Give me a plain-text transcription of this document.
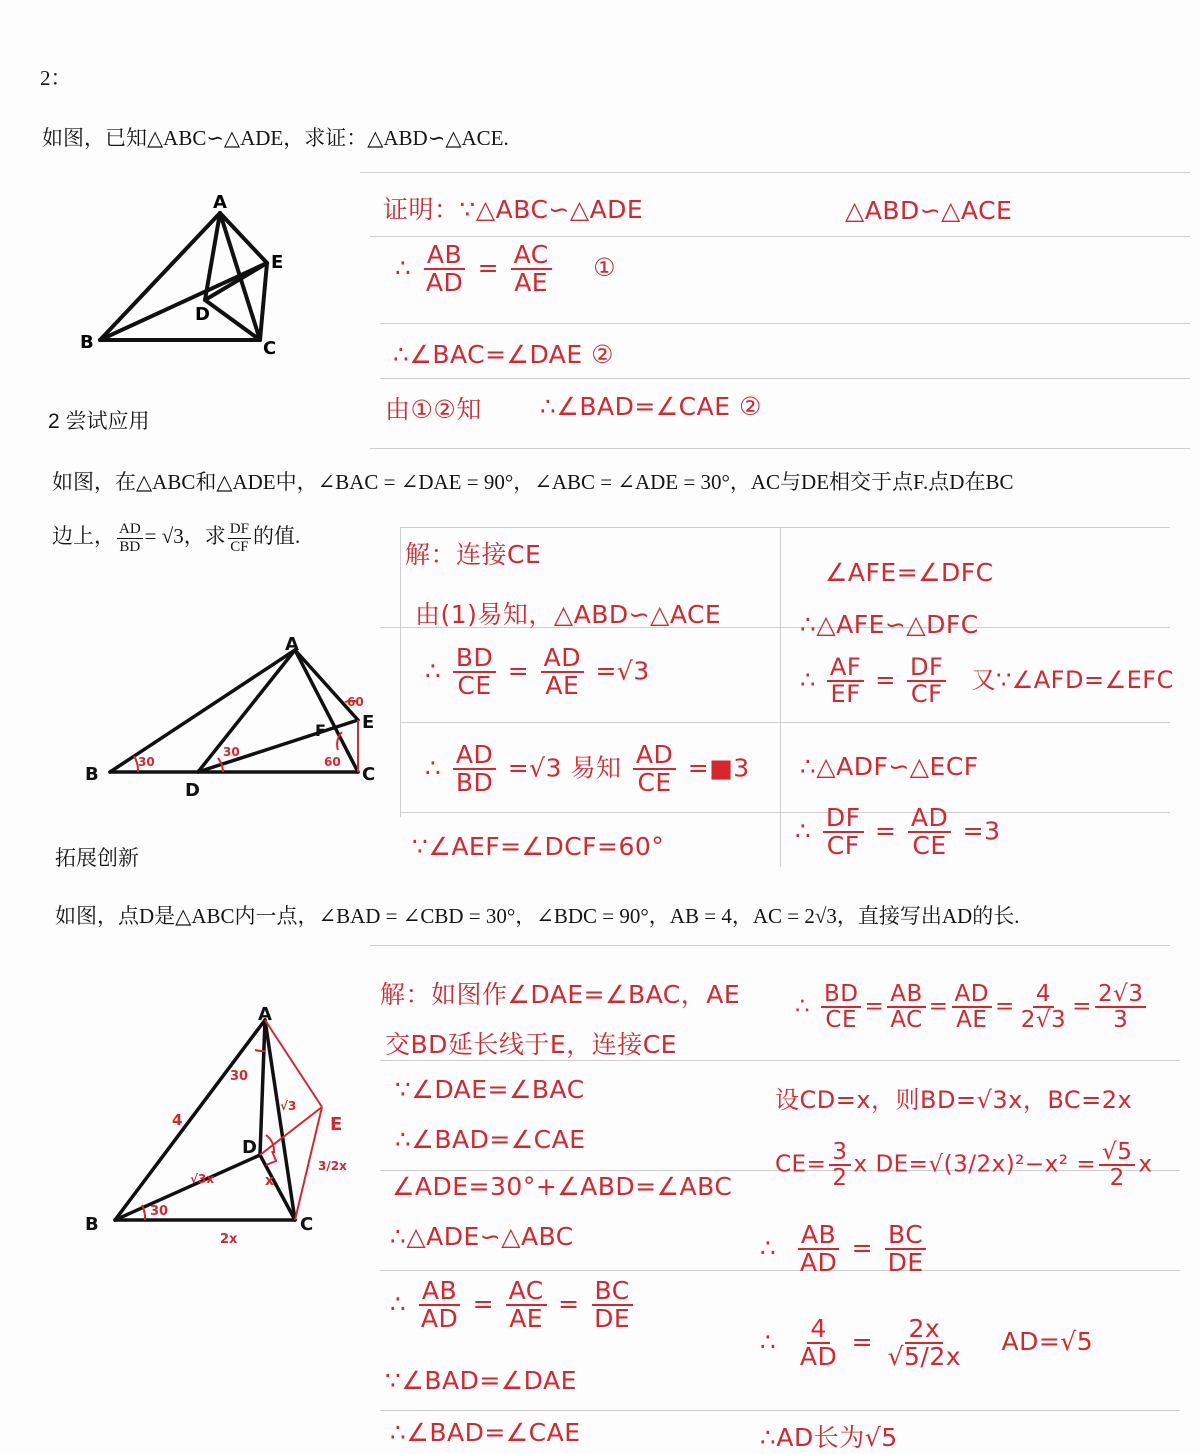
2：
如图，已知△ABC∽△ADE，求证：△ABD∽△ACE.
A
B	C
D
E
证明：∵△ABC∽△ADE	△ABD∽△ACE
∴ $\frac{AB}{AD} = \frac{AC}{AE}$ ①
∴∠BAC=∠DAE ②
由①②知 ∴∠BAD=∠CAE ②
2 尝试应用
如图，在△ABC和△ADE中，∠BAC = ∠DAE = 90°，∠ABC = ∠ADE = 30°，AC与DE相交于点F.点D在BC
边上， $\frac{AD}{BD} = √3$，求 $\frac{DF}{CF}$ 的值.
A
B	C
D
E
F
30
30
60
60
解：连接CE
由(1)易知，△ABD∽△ACE
∴ $\frac{BD}{CE} = \frac{AD}{AE} =√3$
∴ $\frac{AD}{BD} =√3$ 易知 $\frac{AD}{CE}$ =■3
∵∠AEF=∠DCF=60°
∠AFE=∠DFC
∴△AFE∽△DFC
∴ $\frac{AF}{EF} = \frac{DF}{CF}$ 又∵∠AFD=∠EFC
∴△ADF∽△ECF
∴ $\frac{DF}{CF} = \frac{AD}{CE} =3$
拓展创新
如图，点D是△ABC内一点，∠BAD = ∠CBD = 30°，∠BDC = 90°，AB = 4，AC = 2√3，直接写出AD的长.
A
B	C
D
E
4
30
30
2x
x
√3x
3/2x
√3
解：如图作∠DAE=∠BAC，AE
交BD延长线于E，连接CE
∵∠DAE=∠BAC
∴∠BAD=∠CAE
∠ADE=30°+∠ABD=∠ABC
∴△ADE∽△ABC
∴ $\frac{AB}{AD} = \frac{AC}{AE} = \frac{BC}{DE}$
∵∠BAD=∠DAE
∴∠BAD=∠CAE
∴ $\frac{BD}{CE} = \frac{AB}{AC} = \frac{AD}{AE} = \frac{4}{2√3} = \frac{2√3}{3}$
设CD=x，则BD=√3x，BC=2x
$CE= \frac{3}{2}$ x $DE=√(3/2x)^2-x^2 = \frac{√5}{2}$ x
∴ $\frac{AB}{AD} = \frac{BC}{DE}$
∴ $\frac{4}{AD} = \frac{2x}{√5/2x} AD=√5$
∴AD长为√5
